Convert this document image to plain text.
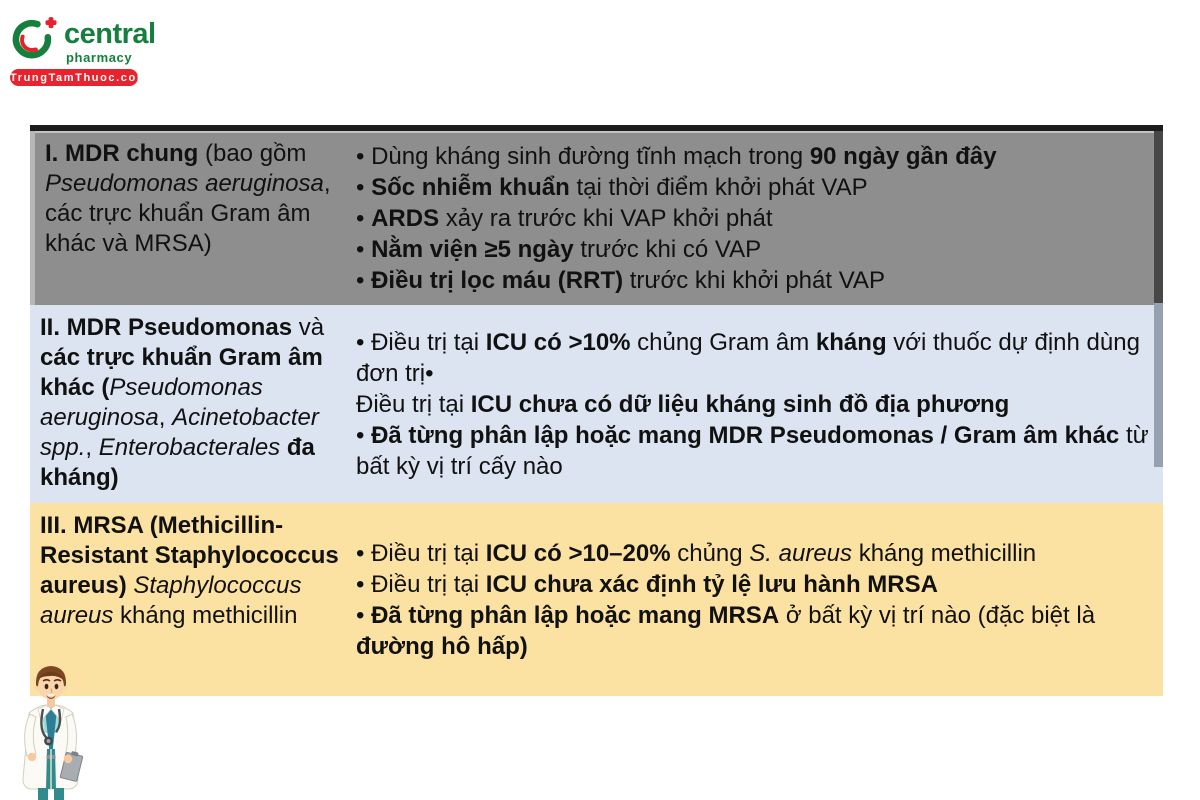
central
pharmacy
TrungTamThuoc.com

I. MDR chung (bao gồm Pseudomonas aeruginosa, các trực khuẩn Gram âm khác và MRSA)

• Dùng kháng sinh đường tĩnh mạch trong 90 ngày gần đây

• Sốc nhiễm khuẩn tại thời điểm khởi phát VAP

• ARDS xảy ra trước khi VAP khởi phát

• Nằm viện ≥5 ngày trước khi có VAP

• Điều trị lọc máu (RRT) trước khi khởi phát VAP

II. MDR Pseudomonas và các trực khuẩn Gram âm khác (Pseudomonas aeruginosa, Acinetobacter spp., Enterobacterales đa kháng)

• Điều trị tại ICU có >10% chủng Gram âm kháng với thuốc dự định dùng đơn trị•

Điều trị tại ICU chưa có dữ liệu kháng sinh đồ địa phương

• Đã từng phân lập hoặc mang MDR Pseudomonas / Gram âm khác từ bất kỳ vị trí cấy nào

III. MRSA (Methicillin-Resistant Staphylococcus aureus) Staphylococcus aureus kháng methicillin

• Điều trị tại ICU có >10–20% chủng S. aureus kháng methicillin

• Điều trị tại ICU chưa xác định tỷ lệ lưu hành MRSA

• Đã từng phân lập hoặc mang MRSA ở bất kỳ vị trí nào (đặc biệt là đường hô hấp)
